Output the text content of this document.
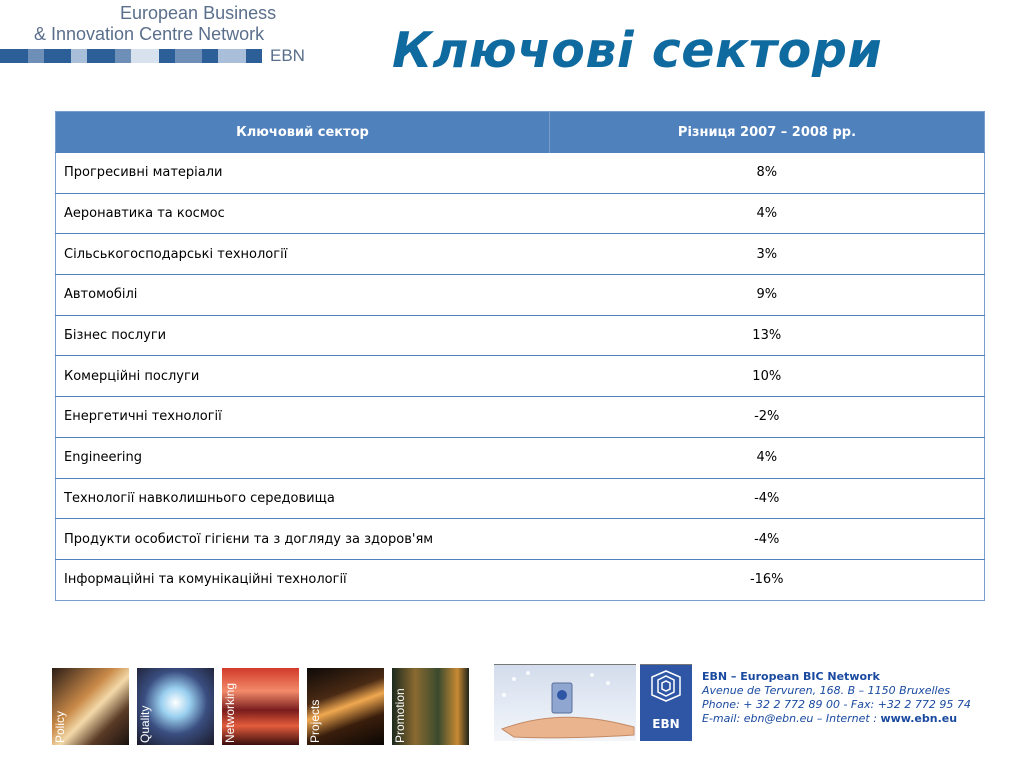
European Business
& Innovation Centre Network
EBN Ключові сектори
Ключовий сектор	Різниця 2007 – 2008 рр.
Прогресивні матеріали	8%
Аеронавтика та космос	4%
Сільськогосподарські технології	3%
Автомобілі	9%
Бізнес послуги	13%
Комерційні послуги	10%
Енергетичні технології	-2%
Engineering	4%
Технології навколишнього середовища	-4%
Продукти особистої гігієни та з догляду за здоров'ям	-4%
Інформаційні та комунікаційні технології	-16%
Policy	Quality	Networking	Projects	Promotion	EBN
EBN – European BIC Network
Avenue de Tervuren, 168. B – 1150 Bruxelles
Phone: + 32 2 772 89 00 - Fax: +32 2 772 95 74
E-mail: ebn@ebn.eu – Internet : www.ebn.eu
